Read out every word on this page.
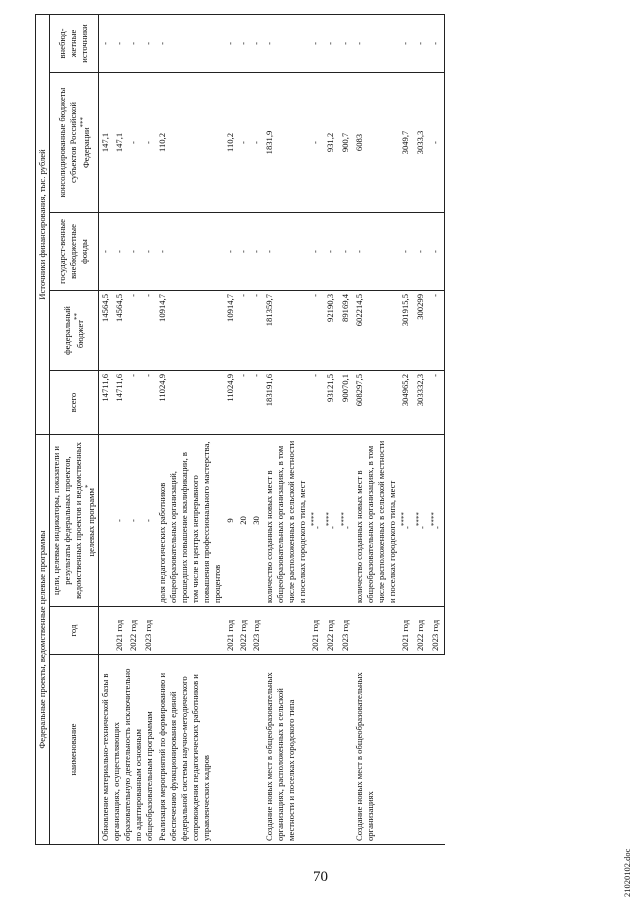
70	21020102.doc
Федеральные проекты, ведомственные целевые программы			Источники финансирования, тыс. рублей				
наименование	год	цели, целевые индикаторы, показатели и результаты федеральных проектов, ведомственных проектов и ведомственных целевых программ*	всего	федеральный бюджет**	государст-венные внебюджетные фонды	консолидированные бюджеты субъектов Российской Федерации***	внебюд-жетные источники
Обновление материально-технической базы в организациях, осуществляющих образовательную деятельность исключительно по адаптированным основным общеобразовательным программам			14711,6	14564,5	-	147,1	-
	2021 год	-	14711,6	14564,5	-	147,1	-
	2022 год	-	-	-	-	-	-
	2023 год	-	-	-	-	-	-
Реализация мероприятий по формированию и обеспечению функционирования единой федеральной системы научно-методического сопровождения педагогических работников и управленческих кадров		доля педагогических работников общеобразовательных организаций, прошедших повышение квалификации, в том числе в центрах непрерывного повышения профессионального мастерства, процентов	11024,9	10914,7	-	110,2	-
	2021 год	9	11024,9	10914,7	-	110,2	-
	2022 год	20	-	-	-	-	-
	2023 год	30	-	-	-	-	-
Создание новых мест в общеобразовательных организациях, расположенных в сельской местности и поселках городского типа		количество созданных новых мест в общеобразовательных организациях, в том числе расположенных в сельской местности и поселках городского типа, мест	183191,6	181359,7	-	1831,9	-
	2021 год	-****	-	-	-	-	-
	2022 год	-****	93121,5	92190,3	-	931,2	-
	2023 год	-****	90070,1	89169,4	-	900,7	-
Создание новых мест в общеобразовательных организациях		количество созданных новых мест в общеобразовательных организациях, в том числе расположенных в сельской местности и поселках городского типа, мест	608297,5	602214,5	-	6083	-
	2021 год	-****	304965,2	301915,5	-	3049,7	-
	2022 год	-****	303332,3	300299	-	3033,3	-
	2023 год	-****	-	-	-	-	-
